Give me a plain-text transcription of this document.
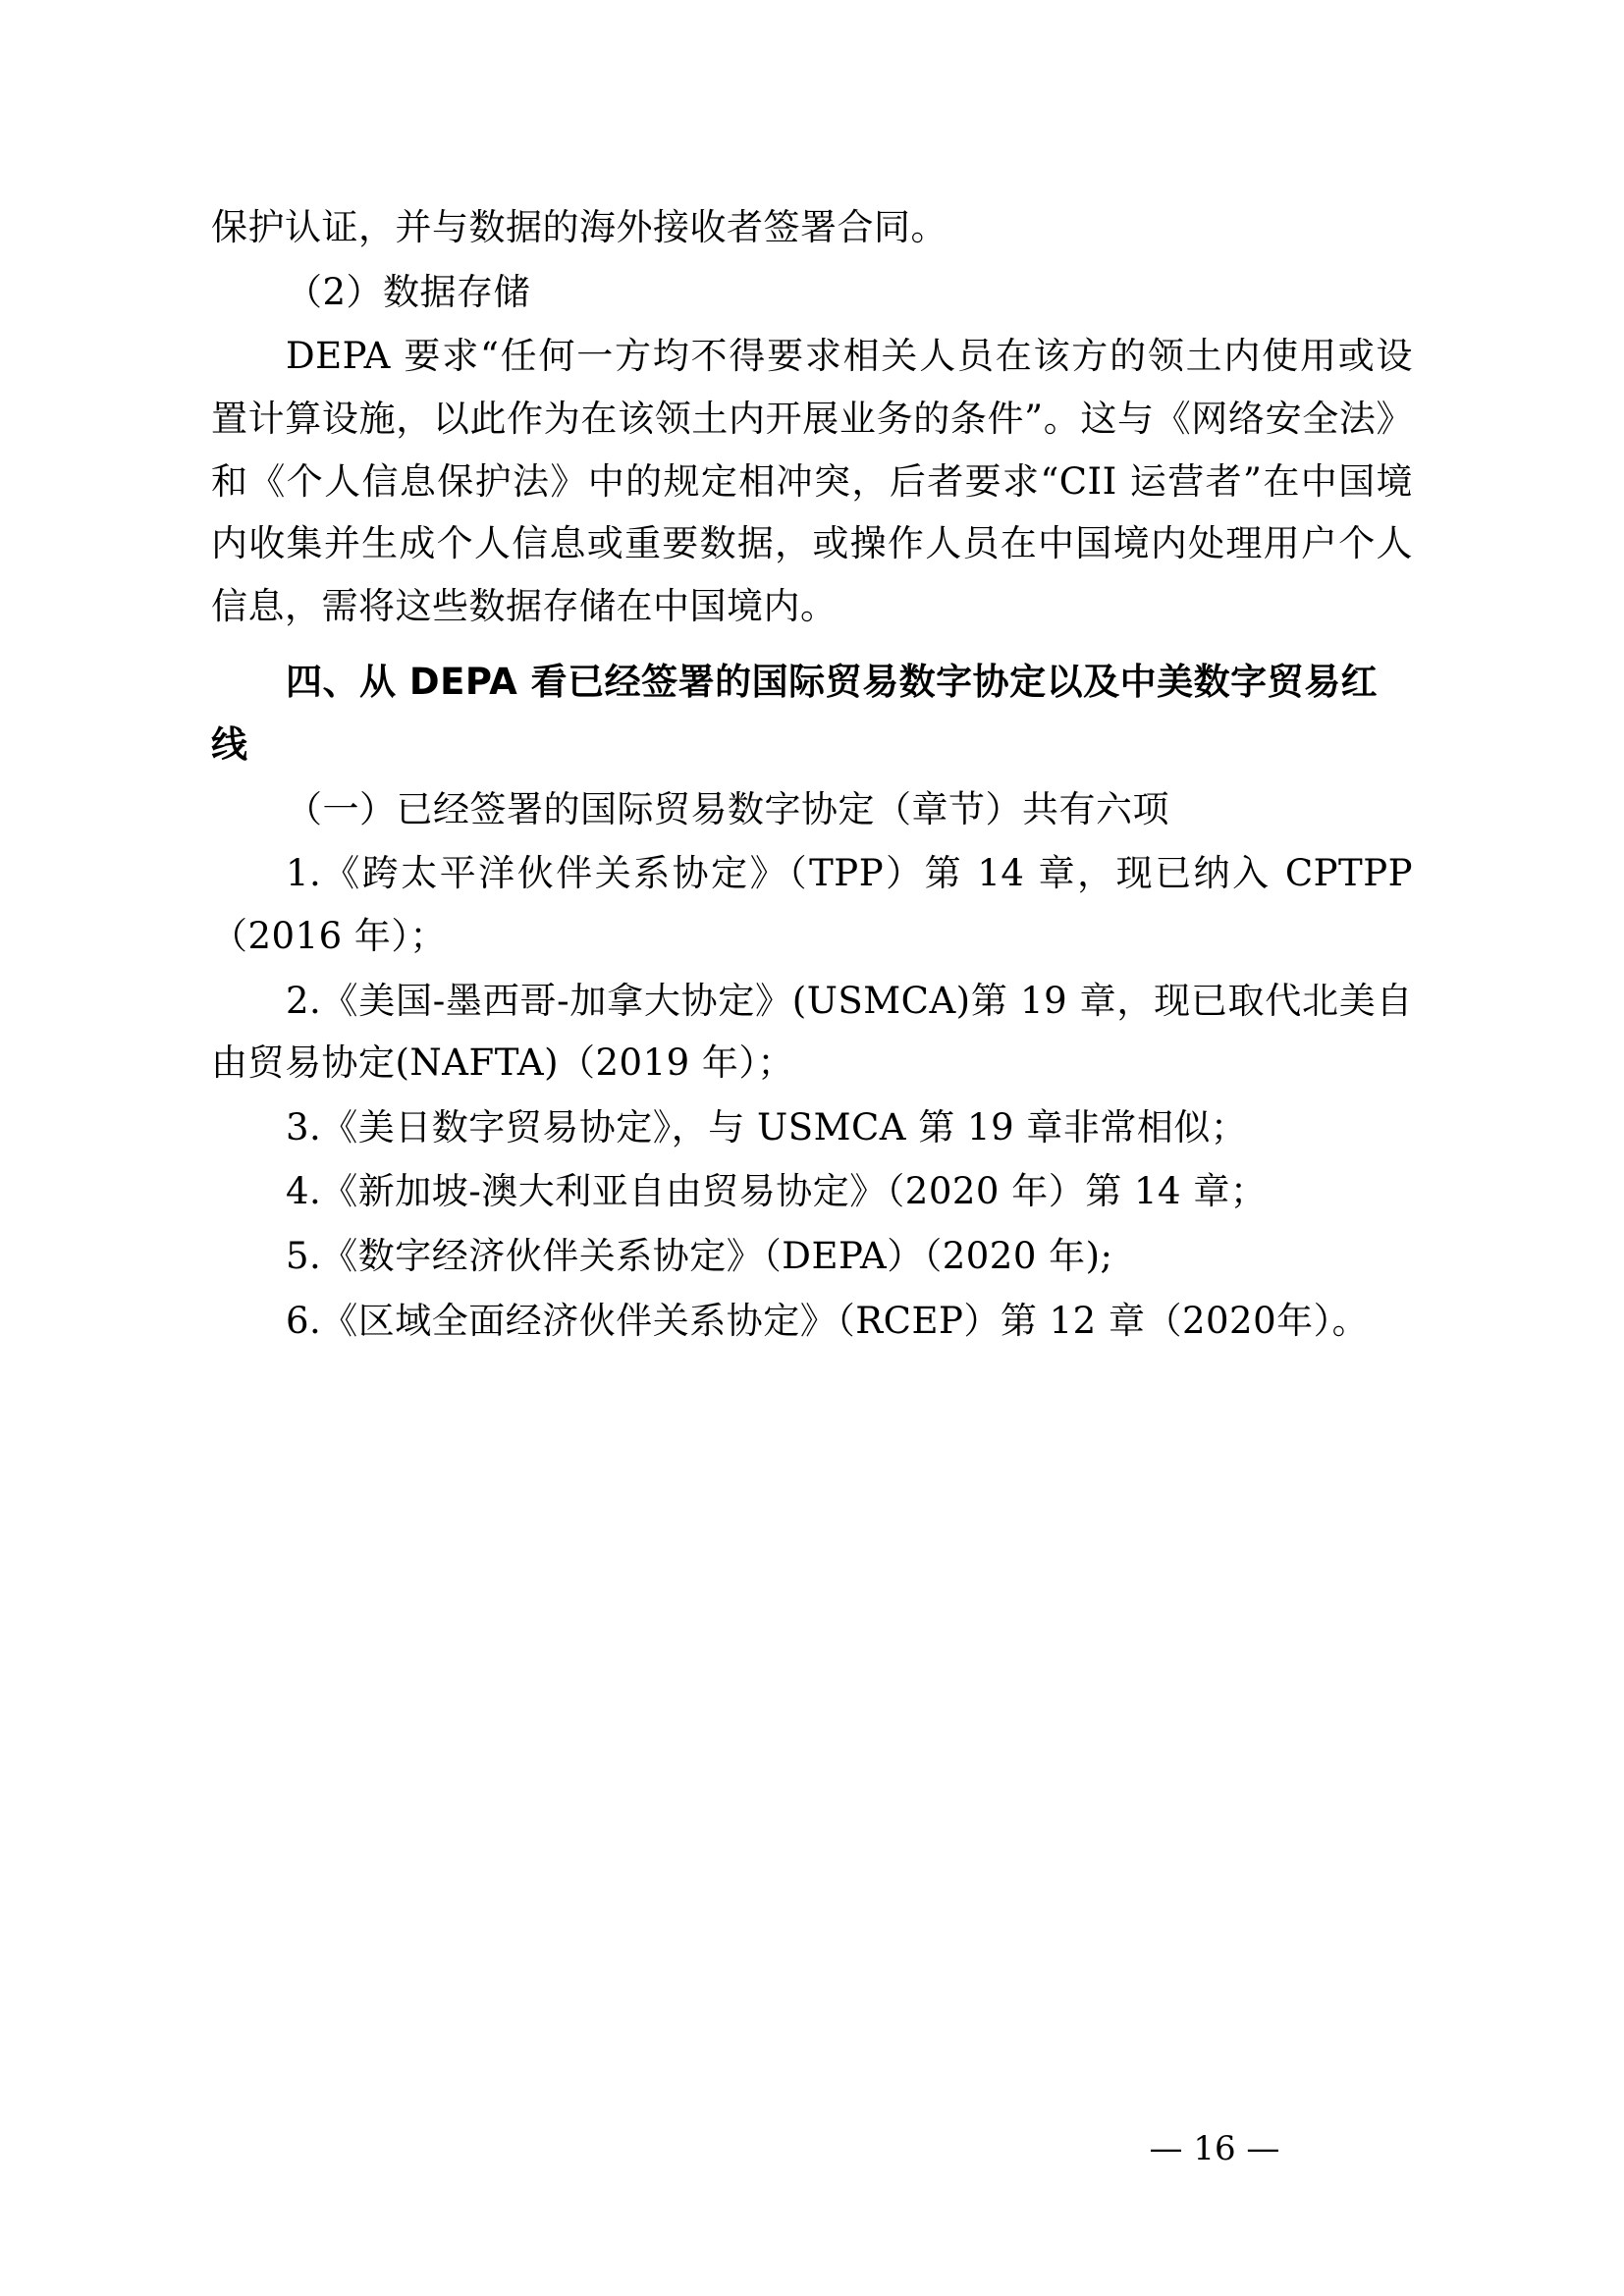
保护认证，并与数据的海外接收者签署合同。

（2）数据存储

DEPA 要求“任何一方均不得要求相关人员在该方的领土内使用或设置计算设施，以此作为在该领土内开展业务的条件”。这与《网络安全法》和《个人信息保护法》中的规定相冲突，后者要求“CII 运营者”在中国境内收集并生成个人信息或重要数据，或操作人员在中国境内处理用户个人信息，需将这些数据存储在中国境内。

四、从 DEPA 看已经签署的国际贸易数字协定以及中美数字贸易红线

（一）已经签署的国际贸易数字协定（章节）共有六项

1.《跨太平洋伙伴关系协定》（TPP）第 14 章，现已纳入 CPTPP（2016 年）；

2.《美国-墨西哥-加拿大协定》(USMCA)第 19 章，现已取代北美自由贸易协定(NAFTA)（2019 年）；

3.《美日数字贸易协定》，与 USMCA 第 19 章非常相似；

4.《新加坡-澳大利亚自由贸易协定》（2020 年）第 14 章；

5.《数字经济伙伴关系协定》（DEPA）（2020 年);

6.《区域全面经济伙伴关系协定》（RCEP）第 12 章（2020年）。

— 16 —
